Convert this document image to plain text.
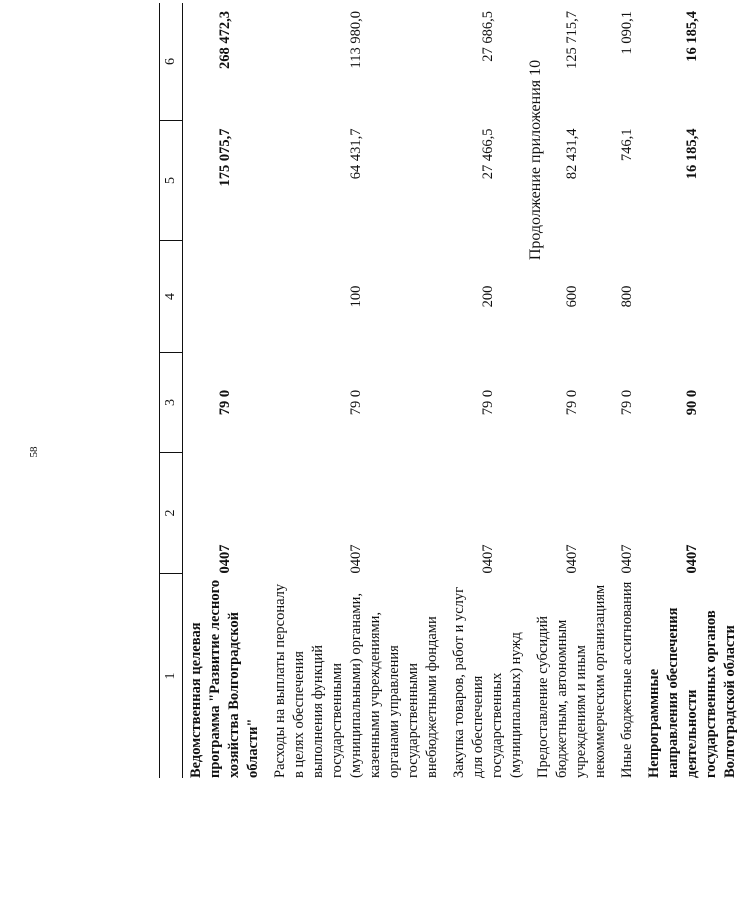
58
Продолжение приложения 10
1	2	3	4	5	6
Ведомственная целевая программа "Развитие лесного хозяйства Волгоградской области"	0407	79 0		175 075,7	268 472,3
Расходы на выплаты персоналу в целях обеспечения выполнения функций государственными (муниципальными) органами, казенными учреждениями, органами управления государственными внебюджетными фондами	0407	79 0	100	64 431,7	113 980,0
Закупка товаров, работ и услуг для обеспечения государственных (муниципальных) нужд	0407	79 0	200	27 466,5	27 686,5
Предоставление субсидий бюджетным, автономным учреждениям и иным некоммерческим организациям	0407	79 0	600	82 431,4	125 715,7
Иные бюджетные ассигнования	0407	79 0	800	746,1	1 090,1
Непрограммные направления обеспечения деятельности государственных органов Волгоградской области	0407	90 0		16 185,4	16 185,4
